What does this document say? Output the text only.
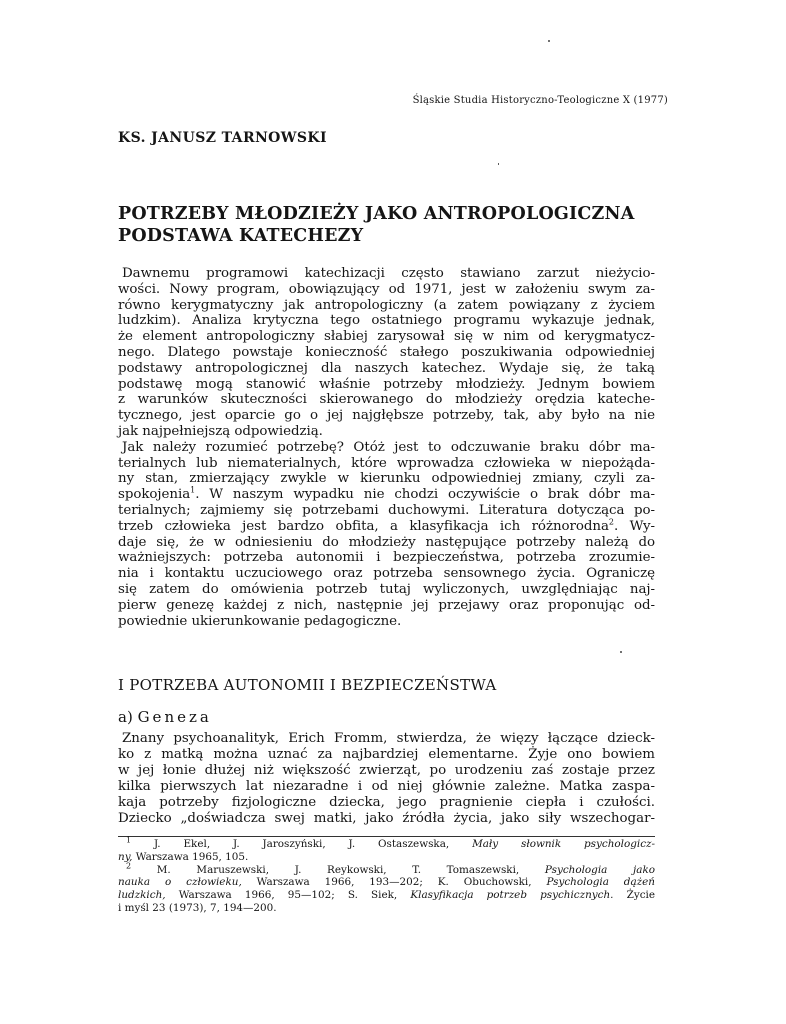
Śląskie Studia Historyczno-Teologiczne X (1977)
KS. JANUSZ TARNOWSKI
POTRZEBY MŁODZIEŻY JAKO ANTROPOLOGICZNA
PODSTAWA KATECHEZY
Dawnemu programowi katechizacji często stawiano zarzut nieżycio-
wości. Nowy program, obowiązujący od 1971, jest w założeniu swym za-
równo kerygmatyczny jak antropologiczny (a zatem powiązany z życiem
ludzkim). Analiza krytyczna tego ostatniego programu wykazuje jednak,
że element antropologiczny słabiej zarysował się w nim od kerygmatycz-
nego. Dlatego powstaje konieczność stałego poszukiwania odpowiedniej
podstawy antropologicznej dla naszych katechez. Wydaje się, że taką
podstawę mogą stanowić właśnie potrzeby młodzieży. Jednym bowiem
z warunków skuteczności skierowanego do młodzieży orędzia kateche-
tycznego, jest oparcie go o jej najgłębsze potrzeby, tak, aby było na nie
jak najpełniejszą odpowiedzią.
Jak należy rozumieć potrzebę? Otóż jest to odczuwanie braku dóbr ma-
terialnych lub niematerialnych, które wprowadza człowieka w niepożąda-
ny stan, zmierzający zwykle w kierunku odpowiedniej zmiany, czyli za-
spokojenia$^1$. W naszym wypadku nie chodzi oczywiście o brak dóbr ma-
terialnych; zajmiemy się potrzebami duchowymi. Literatura dotycząca po-
trzeb człowieka jest bardzo obfita, a klasyfikacja ich różnorodna$^2$. Wy-
daje się, że w odniesieniu do młodzieży następujące potrzeby należą do
ważniejszych: potrzeba autonomii i bezpieczeństwa, potrzeba zrozumie-
nia i kontaktu uczuciowego oraz potrzeba sensownego życia. Ograniczę
się zatem do omówienia potrzeb tutaj wyliczonych, uwzględniając naj-
pierw genezę każdej z nich, następnie jej przejawy oraz proponując od-
powiednie ukierunkowanie pedagogiczne.
I POTRZEBA AUTONOMII I BEZPIECZEŃSTWA
a) Geneza
Znany psychoanalityk, Erich Fromm, stwierdza, że więzy łączące dzieck-
ko z matką można uznać za najbardziej elementarne. Żyje ono bowiem
w jej łonie dłużej niż większość zwierząt, po urodzeniu zaś zostaje przez
kilka pierwszych lat niezaradne i od niej głównie zależne. Matka zaspa-
kaja potrzeby fizjologiczne dziecka, jego pragnienie ciepła i czułości.
Dziecko „doświadcza swej matki, jako źródła życia, jako siły wszechogar-
$^1$ J. Ekel, J. Jaroszyński, J. Ostaszewska, Mały słownik psychologicz-
ny, Warszawa 1965, 105.
$^2$ M. Maruszewski, J. Reykowski, T. Tomaszewski, Psychologia jako
nauka o człowieku, Warszawa 1966, 193—202; K. Obuchowski, Psychologia dążeń
ludzkich, Warszawa 1966, 95—102; S. Siek, Klasyfikacja potrzeb psychicznych. Życie
i myśl 23 (1973), 7, 194—200.
